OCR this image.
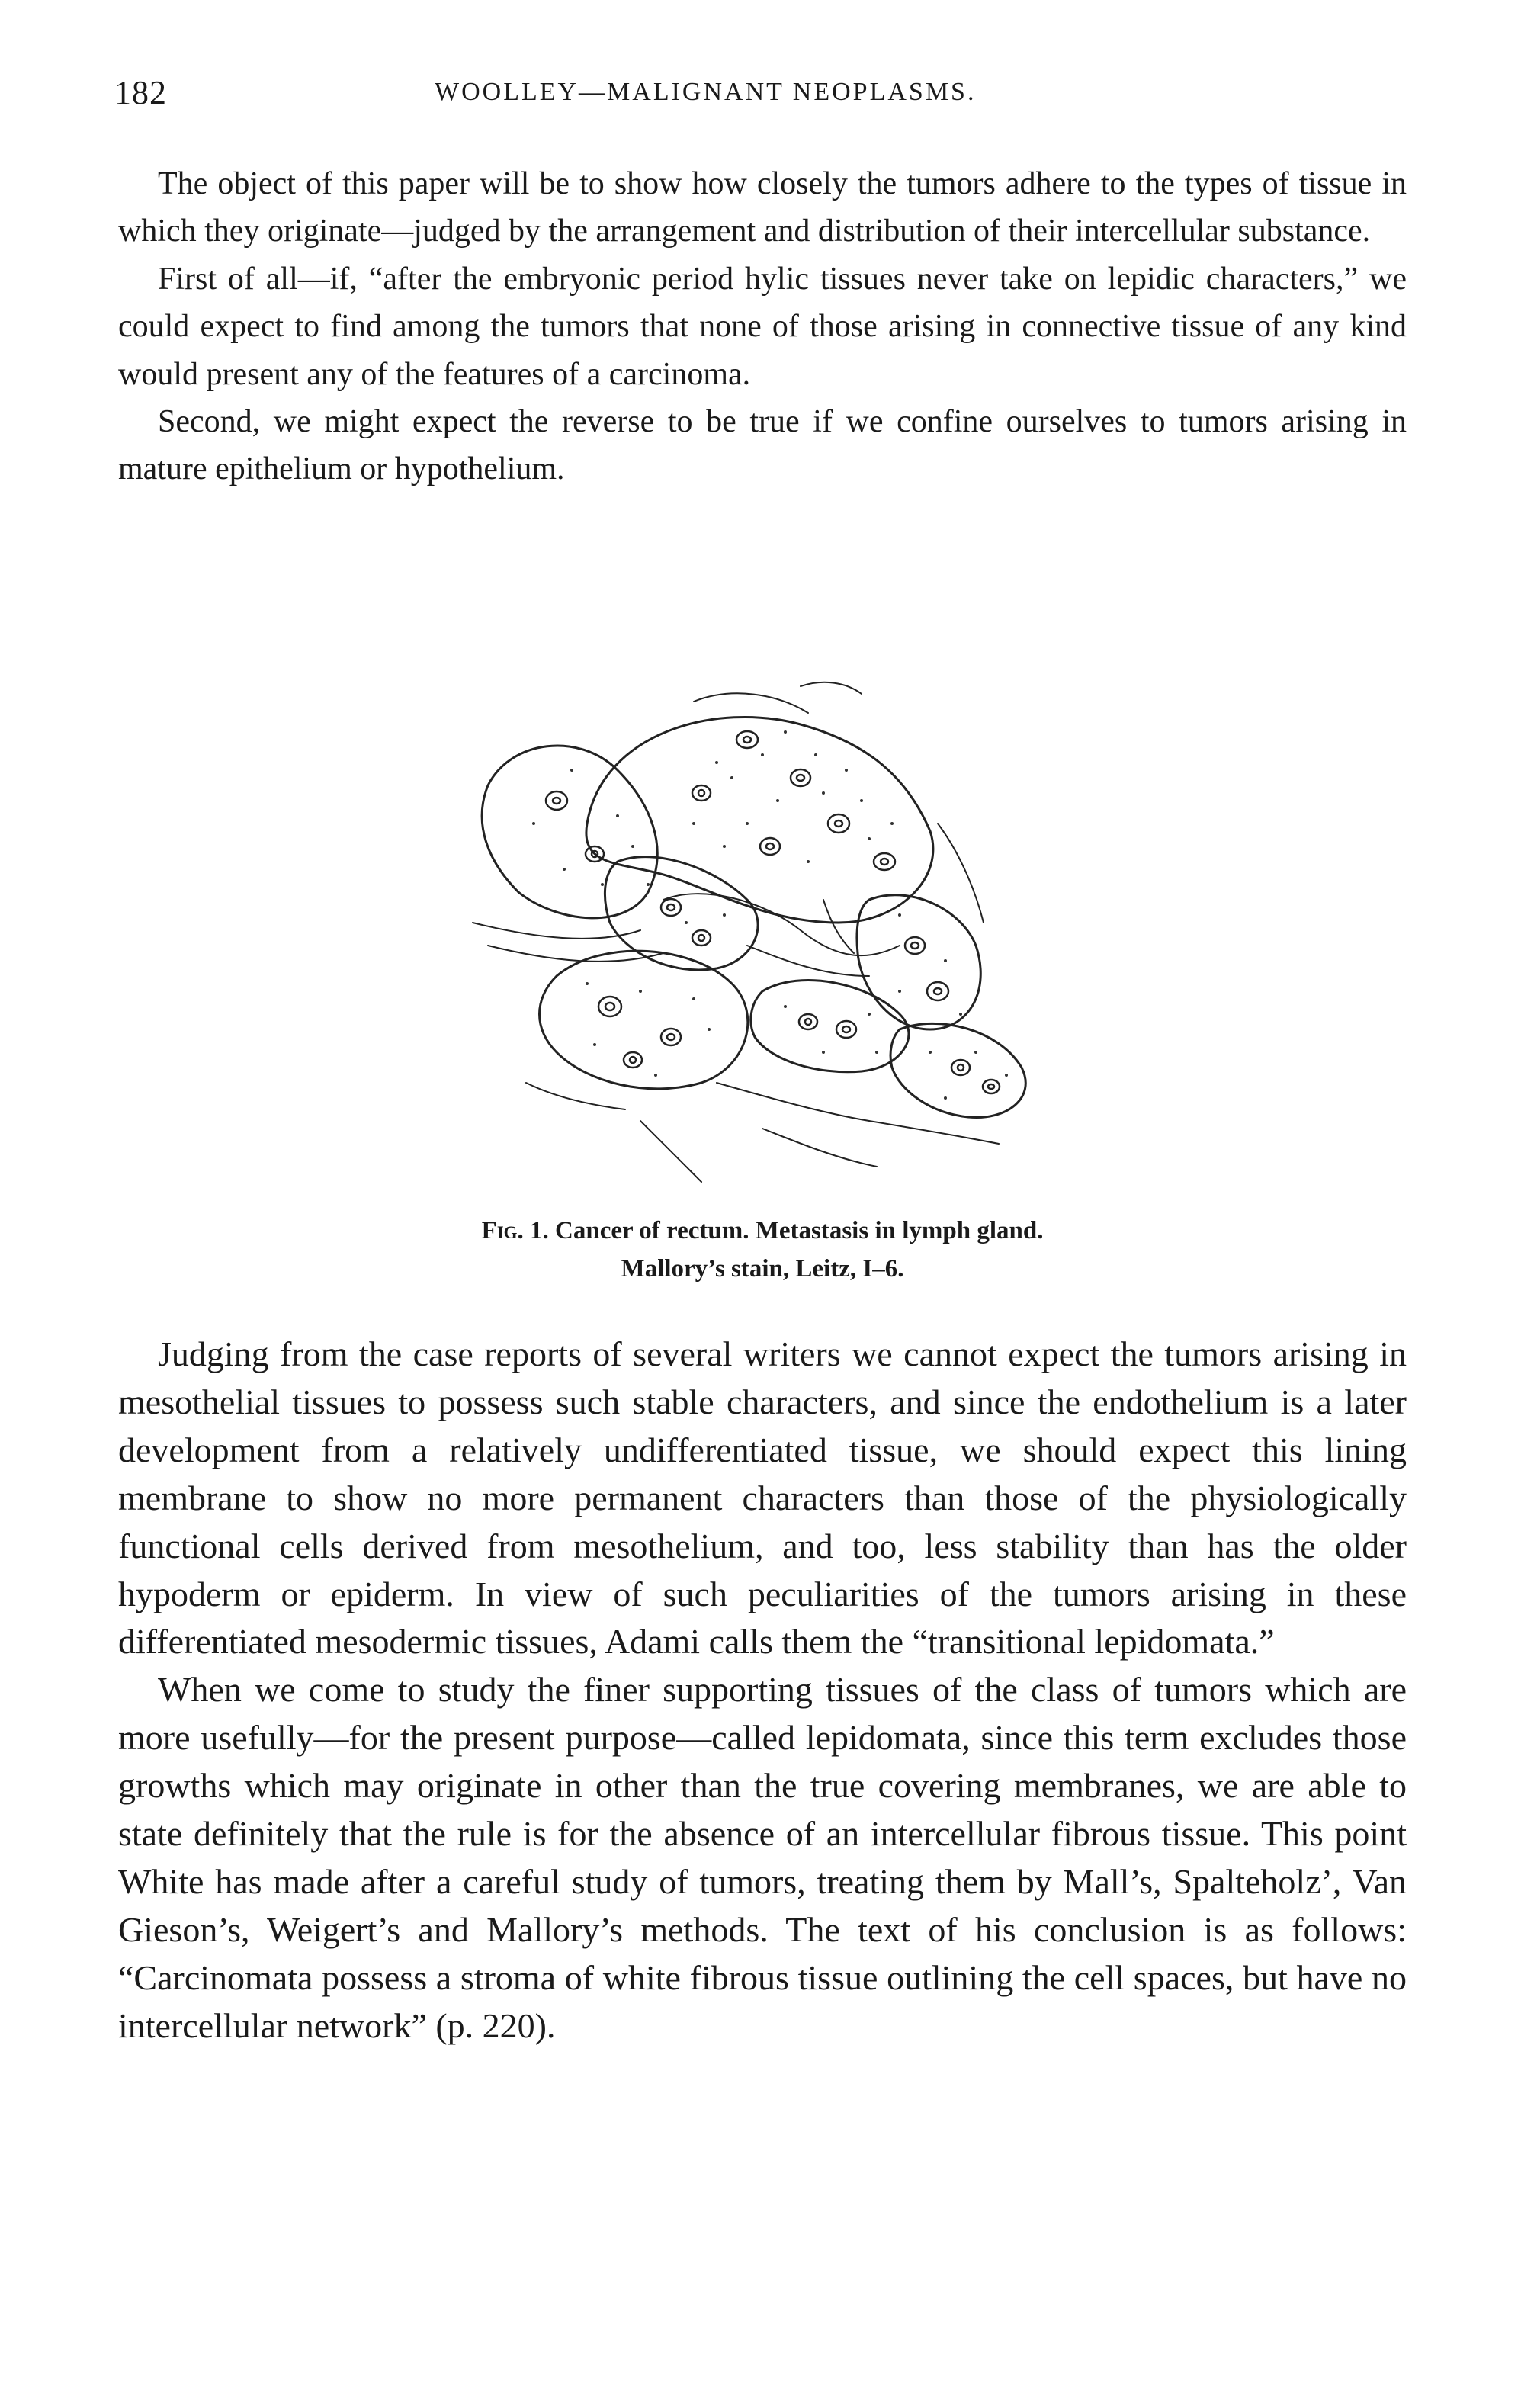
182	WOOLLEY—MALIGNANT NEOPLASMS.

The object of this paper will be to show how closely the tumors adhere to the types of tissue in which they originate—judged by the arrangement and distribution of their intercellular substance.

First of all—if, “after the embryonic period hylic tissues never take on lepidic characters,” we could expect to find among the tumors that none of those arising in connective tissue of any kind would present any of the features of a carcinoma.

Second, we might expect the reverse to be true if we confine ourselves to tumors arising in mature epithelium or hypothelium.

Fig. 1. Cancer of rectum. Metastasis in lymph gland.

Mallory’s stain, Leitz, I–6.

Judging from the case reports of several writers we cannot expect the tumors arising in mesothelial tissues to possess such stable characters, and since the endothelium is a later development from a relatively undifferentiated tissue, we should expect this lining membrane to show no more permanent characters than those of the physiologically functional cells derived from mesothelium, and too, less stability than has the older hypoderm or epiderm. In view of such peculiarities of the tumors arising in these differentiated mesodermic tissues, Adami calls them the “transitional lepidomata.”

When we come to study the finer supporting tissues of the class of tumors which are more usefully—for the present purpose—called lepidomata, since this term excludes those growths which may originate in other than the true covering membranes, we are able to state definitely that the rule is for the absence of an intercellular fibrous tissue. This point White has made after a careful study of tumors, treating them by Mall’s, Spalteholz’, Van Gieson’s, Weigert’s and Mallory’s methods. The text of his conclusion is as follows: “Carcinomata possess a stroma of white fibrous tissue outlining the cell spaces, but have no intercellular network” (p. 220).
